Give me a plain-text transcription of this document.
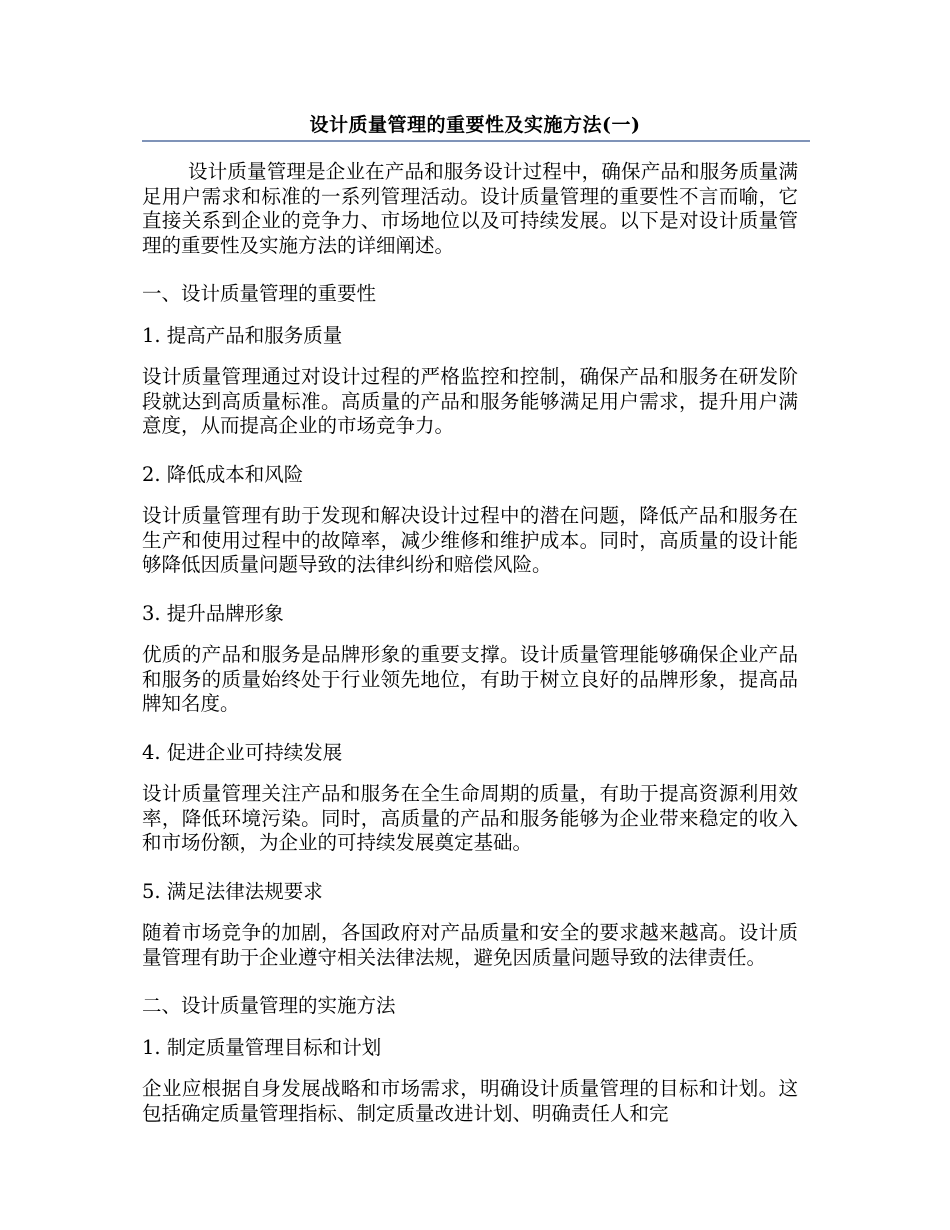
设计质量管理的重要性及实施方法(一)

设计质量管理是企业在产品和服务设计过程中，确保产品和服务质量满足用户需求和标准的一系列管理活动。设计质量管理的重要性不言而喻，它直接关系到企业的竞争力、市场地位以及可持续发展。以下是对设计质量管理的重要性及实施方法的详细阐述。

一、设计质量管理的重要性

1. 提高产品和服务质量

设计质量管理通过对设计过程的严格监控和控制，确保产品和服务在研发阶段就达到高质量标准。高质量的产品和服务能够满足用户需求，提升用户满意度，从而提高企业的市场竞争力。

2. 降低成本和风险

设计质量管理有助于发现和解决设计过程中的潜在问题，降低产品和服务在生产和使用过程中的故障率，减少维修和维护成本。同时，高质量的设计能够降低因质量问题导致的法律纠纷和赔偿风险。

3. 提升品牌形象

优质的产品和服务是品牌形象的重要支撑。设计质量管理能够确保企业产品和服务的质量始终处于行业领先地位，有助于树立良好的品牌形象，提高品牌知名度。

4. 促进企业可持续发展

设计质量管理关注产品和服务在全生命周期的质量，有助于提高资源利用效率，降低环境污染。同时，高质量的产品和服务能够为企业带来稳定的收入和市场份额，为企业的可持续发展奠定基础。

5. 满足法律法规要求

随着市场竞争的加剧，各国政府对产品质量和安全的要求越来越高。设计质量管理有助于企业遵守相关法律法规，避免因质量问题导致的法律责任。

二、设计质量管理的实施方法

1. 制定质量管理目标和计划

企业应根据自身发展战略和市场需求，明确设计质量管理的目标和计划。这包括确定质量管理指标、制定质量改进计划、明确责任人和完
